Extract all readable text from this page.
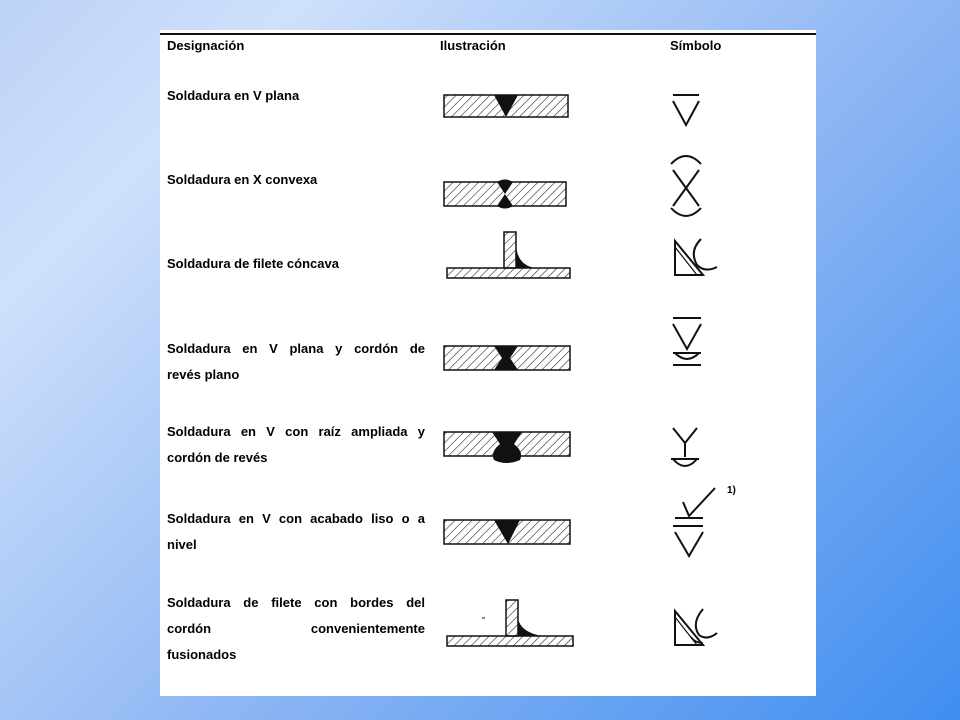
Designación	Ilustración	Símbolo
Soldadura en V plana
Soldadura en X convexa
Soldadura de filete cóncava
Soldadura en V plana y cordón de
revés plano
Soldadura en V con raíz ampliada y
cordón de revés
Soldadura en V con acabado liso o a
nivel
1)
Soldadura de filete con bordes del
cordón convenientemente
fusionados
